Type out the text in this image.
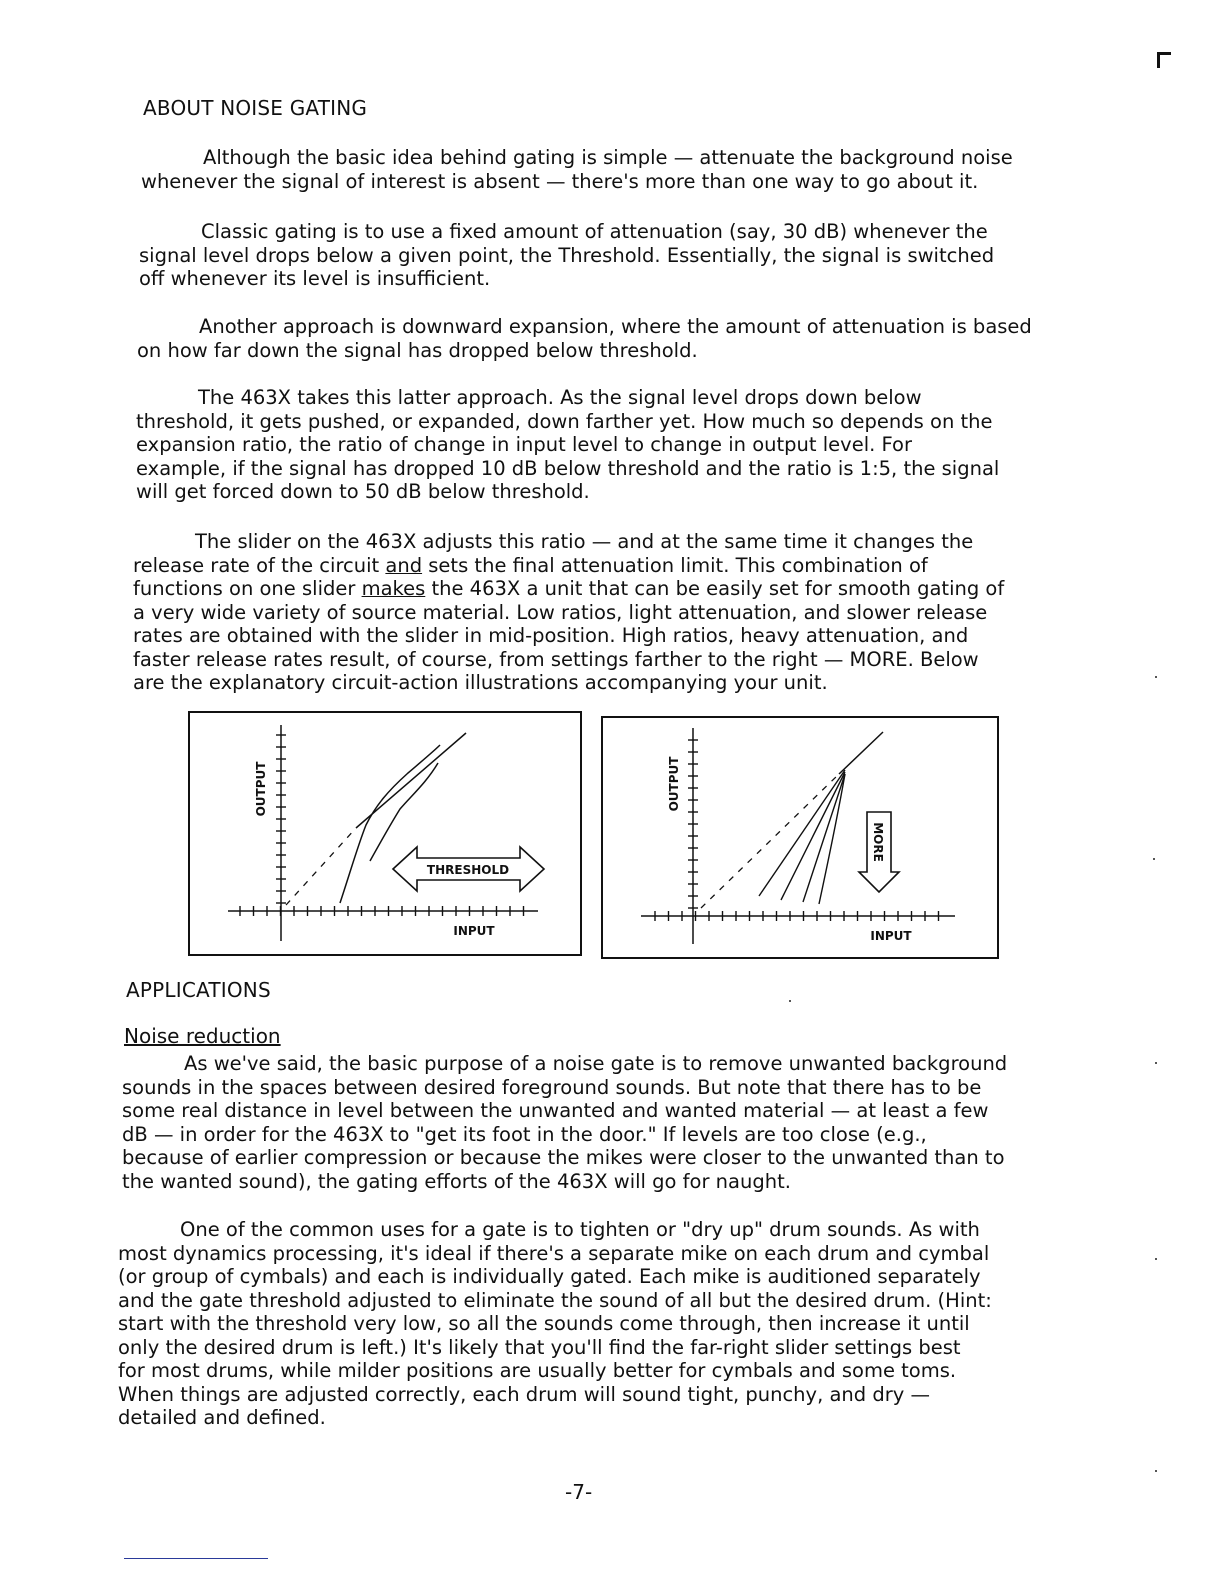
ABOUT NOISE GATING

Although the basic idea behind gating is simple — attenuate the background noise
whenever the signal of interest is absent — there's more than one way to go about it.

Classic gating is to use a fixed amount of attenuation (say, 30 dB) whenever the
signal level drops below a given point, the Threshold. Essentially, the signal is switched
off whenever its level is insufficient.

Another approach is downward expansion, where the amount of attenuation is based
on how far down the signal has dropped below threshold.

The 463X takes this latter approach. As the signal level drops down below
threshold, it gets pushed, or expanded, down farther yet. How much so depends on the
expansion ratio, the ratio of change in input level to change in output level. For
example, if the signal has dropped 10 dB below threshold and the ratio is 1:5, the signal
will get forced down to 50 dB below threshold.

The slider on the 463X adjusts this ratio — and at the same time it changes the
release rate of the circuit and sets the final attenuation limit. This combination of
functions on one slider makes the 463X a unit that can be easily set for smooth gating of
a very wide variety of source material. Low ratios, light attenuation, and slower release
rates are obtained with the slider in mid-position. High ratios, heavy attenuation, and
faster release rates result, of course, from settings farther to the right — MORE. Below
are the explanatory circuit-action illustrations accompanying your unit.

THRESHOLD
OUTPUT
INPUT
MORE
OUTPUT
INPUT
APPLICATIONS
Noise reduction

As we've said, the basic purpose of a noise gate is to remove unwanted background
sounds in the spaces between desired foreground sounds. But note that there has to be
some real distance in level between the unwanted and wanted material — at least a few
dB — in order for the 463X to "get its foot in the door." If levels are too close (e.g.,
because of earlier compression or because the mikes were closer to the unwanted than to
the wanted sound), the gating efforts of the 463X will go for naught.

One of the common uses for a gate is to tighten or "dry up" drum sounds. As with
most dynamics processing, it's ideal if there's a separate mike on each drum and cymbal
(or group of cymbals) and each is individually gated. Each mike is auditioned separately
and the gate threshold adjusted to eliminate the sound of all but the desired drum. (Hint:
start with the threshold very low, so all the sounds come through, then increase it until
only the desired drum is left.) It's likely that you'll find the far-right slider settings best
for most drums, while milder positions are usually better for cymbals and some toms.
When things are adjusted correctly, each drum will sound tight, punchy, and dry —
detailed and defined.

-7-
